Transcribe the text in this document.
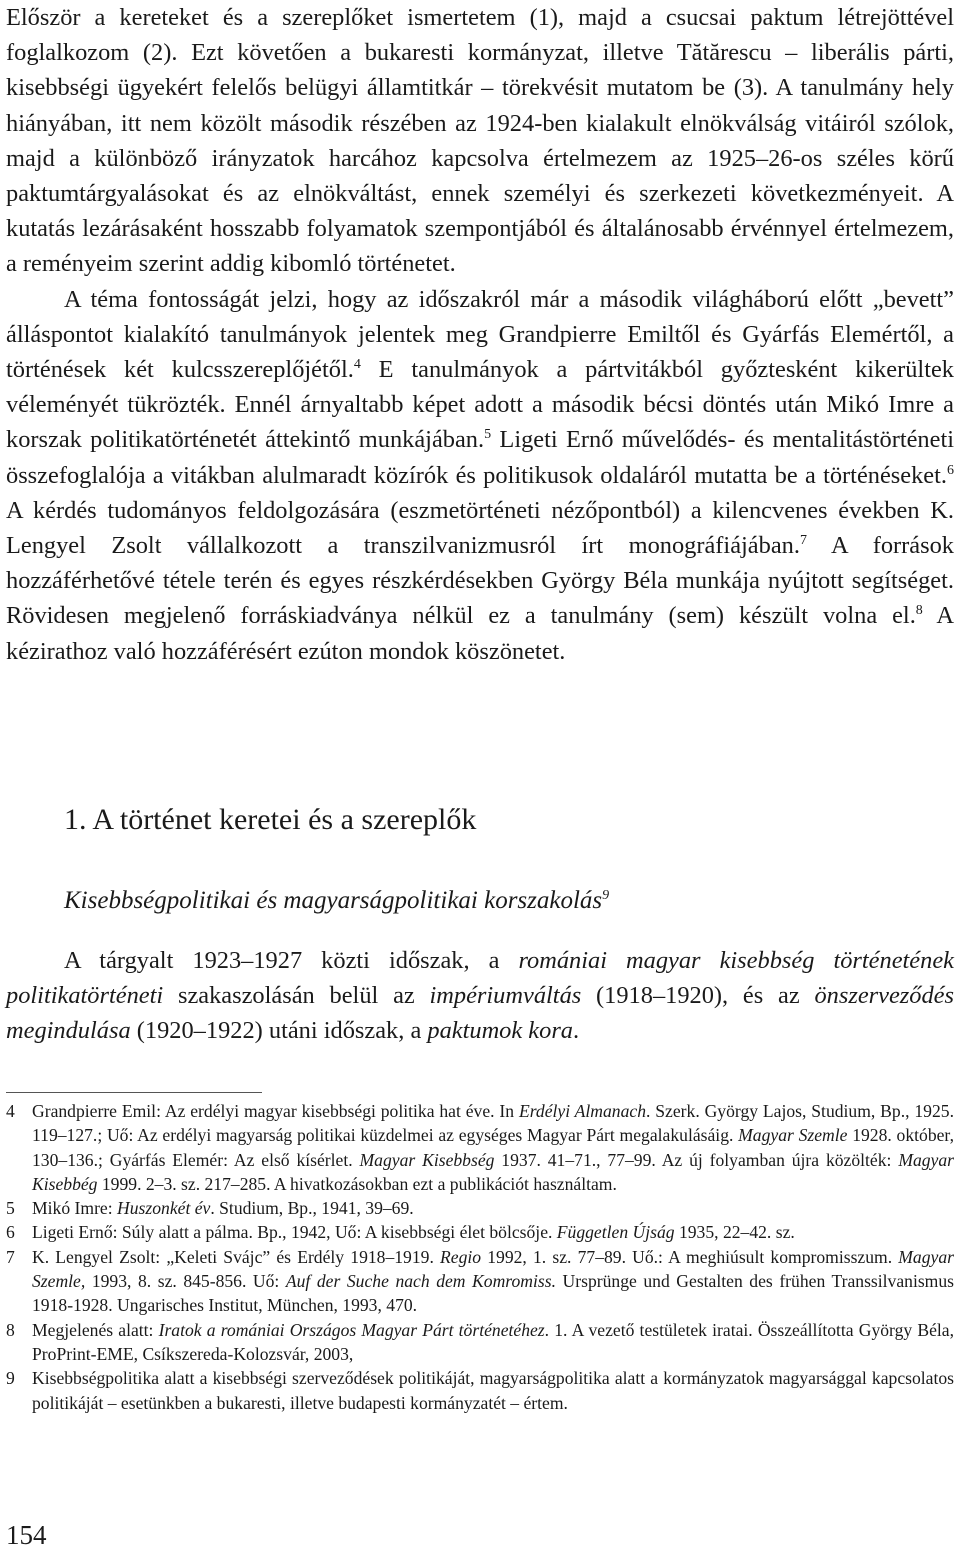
Először a kereteket és a szereplőket ismertetem (1), majd a csucsai paktum létrejöttével foglalkozom (2). Ezt követően a bukaresti kormányzat, illetve Tătărescu – liberális párti, kisebbségi ügyekért felelős belügyi államtitkár – törekvésit mutatom be (3). A tanulmány hely hiányában, itt nem közölt második részében az 1924-ben kialakult elnökválság vitáiról szólok, majd a különböző irányzatok harcához kapcsolva értelmezem az 1925–26-os széles körű paktumtárgyalásokat és az elnökváltást, ennek személyi és szerkezeti következményeit. A kutatás lezárásaként hosszabb folyamatok szempontjából és általánosabb érvénnyel értelmezem, a reményeim szerint addig kibomló történetet.

A téma fontosságát jelzi, hogy az időszakról már a második világháború előtt „bevett” álláspontot kialakító tanulmányok jelentek meg Grandpierre Emiltől és Gyárfás Elemértől, a történések két kulcsszereplőjétől.$^4$ E tanulmányok a pártvitákból győztesként kikerültek véleményét tükrözték. Ennél árnyaltabb képet adott a második bécsi döntés után Mikó Imre a korszak politikatörténetét áttekintő munkájában.$^5$ Ligeti Ernő művelődés- és mentalitástörténeti összefoglalója a vitákban alulmaradt közírók és politikusok oldaláról mutatta be a történéseket.$^6$ A kérdés tudományos feldolgozására (eszmetörténeti nézőpontból) a kilencvenes években K. Lengyel Zsolt vállalkozott a transzilvanizmusról írt monográfiájában.$^7$ A források hozzáférhetővé tétele terén és egyes részkérdésekben György Béla munkája nyújtott segítséget. Rövidesen megjelenő forráskiadványa nélkül ez a tanulmány (sem) készült volna el.$^8$ A kézirathoz való hozzáférésért ezúton mondok köszönetet.

1. A történet keretei és a szereplők
Kisebbségpolitikai és magyarságpolitikai korszakolás$^9$

A tárgyalt 1923–1927 közti időszak, a romániai magyar kisebbség történetének politikatörténeti szakaszolásán belül az impériumváltás (1918–1920), és az önszerveződés megindulása (1920–1922) utáni időszak, a paktumok kora.

4 Grandpierre Emil: Az erdélyi magyar kisebbségi politika hat éve. In Erdélyi Almanach. Szerk. György Lajos, Studium, Bp., 1925. 119–127.; Uő: Az erdélyi magyarság politikai küzdelmei az egységes Magyar Párt megalakulásáig. Magyar Szemle 1928. október, 130–136.; Gyárfás Elemér: Az első kísérlet. Magyar Kisebbség 1937. 41–71., 77–99. Az új folyamban újra közölték: Magyar Kisebbég 1999. 2–3. sz. 217–285. A hivatkozásokban ezt a publikációt használtam.
5 Mikó Imre: Huszonkét év. Studium, Bp., 1941, 39–69.
6 Ligeti Ernő: Súly alatt a pálma. Bp., 1942, Uő: A kisebbségi élet bölcsője. Független Újság 1935, 22–42. sz.
7 K. Lengyel Zsolt: „Keleti Svájc” és Erdély 1918–1919. Regio 1992, 1. sz. 77–89. Uő.: A meghiúsult kompromisszum. Magyar Szemle, 1993, 8. sz. 845-856. Uő: Auf der Suche nach dem Komromiss. Ursprünge und Gestalten des frühen Transsilvanismus 1918-1928. Ungarisches Institut, München, 1993, 470.
8 Megjelenés alatt: Iratok a romániai Országos Magyar Párt történetéhez. 1. A vezető testületek iratai. Összeállította György Béla, ProPrint-EME, Csíkszereda-Kolozsvár, 2003,
9 Kisebbségpolitika alatt a kisebbségi szerveződések politikáját, magyarságpolitika alatt a kormányzatok magyarsággal kapcsolatos politikáját – esetünkben a bukaresti, illetve budapesti kormányzatét – értem.
154
